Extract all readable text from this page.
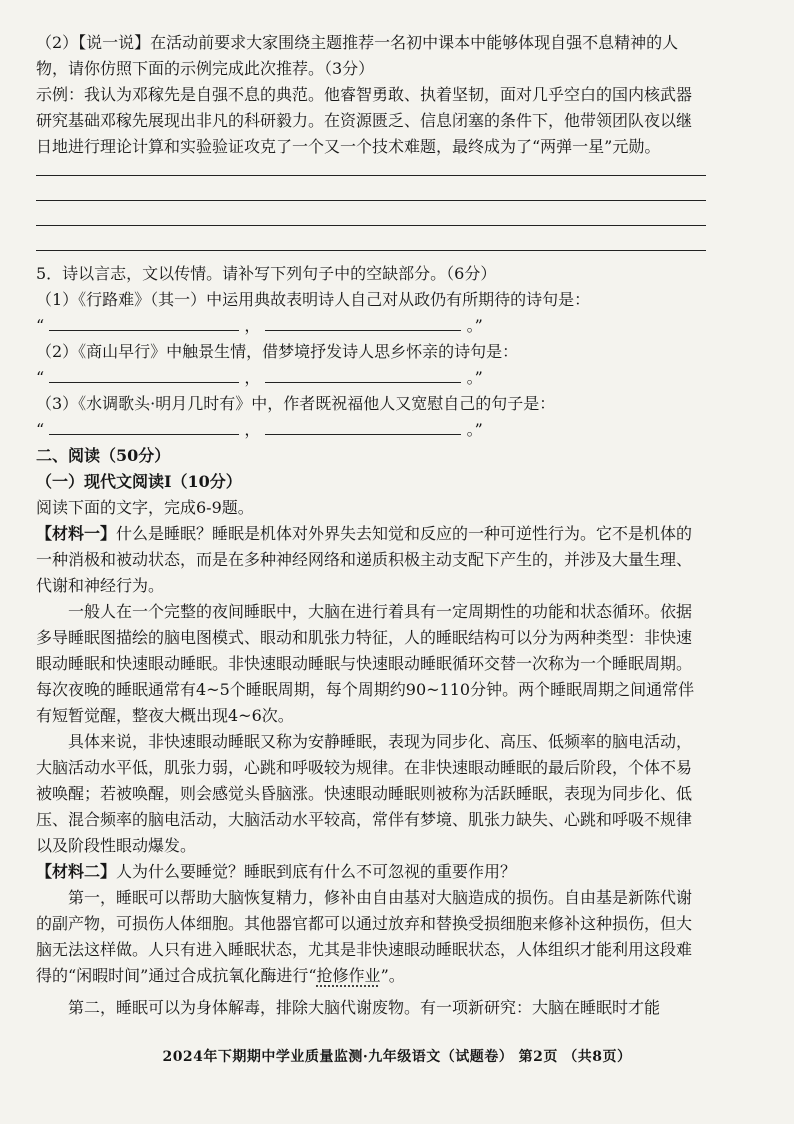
（2）【说一说】在活动前要求大家围绕主题推荐一名初中课本中能够体现自强不息精神的人物，请你仿照下面的示例完成此次推荐。（3分）

示例：我认为邓稼先是自强不息的典范。他睿智勇敢、执着坚韧，面对几乎空白的国内核武器研究基础邓稼先展现出非凡的科研毅力。在资源匮乏、信息闭塞的条件下，他带领团队夜以继日地进行理论计算和实验验证攻克了一个又一个技术难题，最终成为了“两弹一星”元勋。

5．诗以言志，文以传情。请补写下列句子中的空缺部分。（6分）

（1）《行路难》（其一）中运用典故表明诗人自己对从政仍有所期待的诗句是：

“	，	。”

（2）《商山早行》中触景生情，借梦境抒发诗人思乡怀亲的诗句是：

“	，	。”

（3）《水调歌头·明月几时有》中，作者既祝福他人又宽慰自己的句子是：

“	，	。”

二、阅读（50分）

（一）现代文阅读Ⅰ（10分）

阅读下面的文字，完成6-9题。

【材料一】什么是睡眠？睡眠是机体对外界失去知觉和反应的一种可逆性行为。它不是机体的一种消极和被动状态，而是在多种神经网络和递质积极主动支配下产生的，并涉及大量生理、代谢和神经行为。

一般人在一个完整的夜间睡眠中，大脑在进行着具有一定周期性的功能和状态循环。依据多导睡眠图描绘的脑电图模式、眼动和肌张力特征，人的睡眠结构可以分为两种类型：非快速眼动睡眠和快速眼动睡眠。非快速眼动睡眠与快速眼动睡眠循环交替一次称为一个睡眠周期。每次夜晚的睡眠通常有4~5个睡眠周期，每个周期约90~110分钟。两个睡眠周期之间通常伴有短暂觉醒，整夜大概出现4~6次。

具体来说，非快速眼动睡眠又称为安静睡眠，表现为同步化、高压、低频率的脑电活动，大脑活动水平低，肌张力弱，心跳和呼吸较为规律。在非快速眼动睡眠的最后阶段，个体不易被唤醒；若被唤醒，则会感觉头昏脑涨。快速眼动睡眠则被称为活跃睡眠，表现为同步化、低压、混合频率的脑电活动，大脑活动水平较高，常伴有梦境、肌张力缺失、心跳和呼吸不规律以及阶段性眼动爆发。

【材料二】人为什么要睡觉？睡眠到底有什么不可忽视的重要作用？

第一，睡眠可以帮助大脑恢复精力，修补由自由基对大脑造成的损伤。自由基是新陈代谢的副产物，可损伤人体细胞。其他器官都可以通过放弃和替换受损细胞来修补这种损伤，但大脑无法这样做。人只有进入睡眠状态，尤其是非快速眼动睡眠状态，人体组织才能利用这段难得的“闲暇时间”通过合成抗氧化酶进行“抢修作业”。

第二，睡眠可以为身体解毒，排除大脑代谢废物。有一项新研究：大脑在睡眠时才能

2024年下期期中学业质量监测·九年级语文（试题卷） 第2页 （共8页）
